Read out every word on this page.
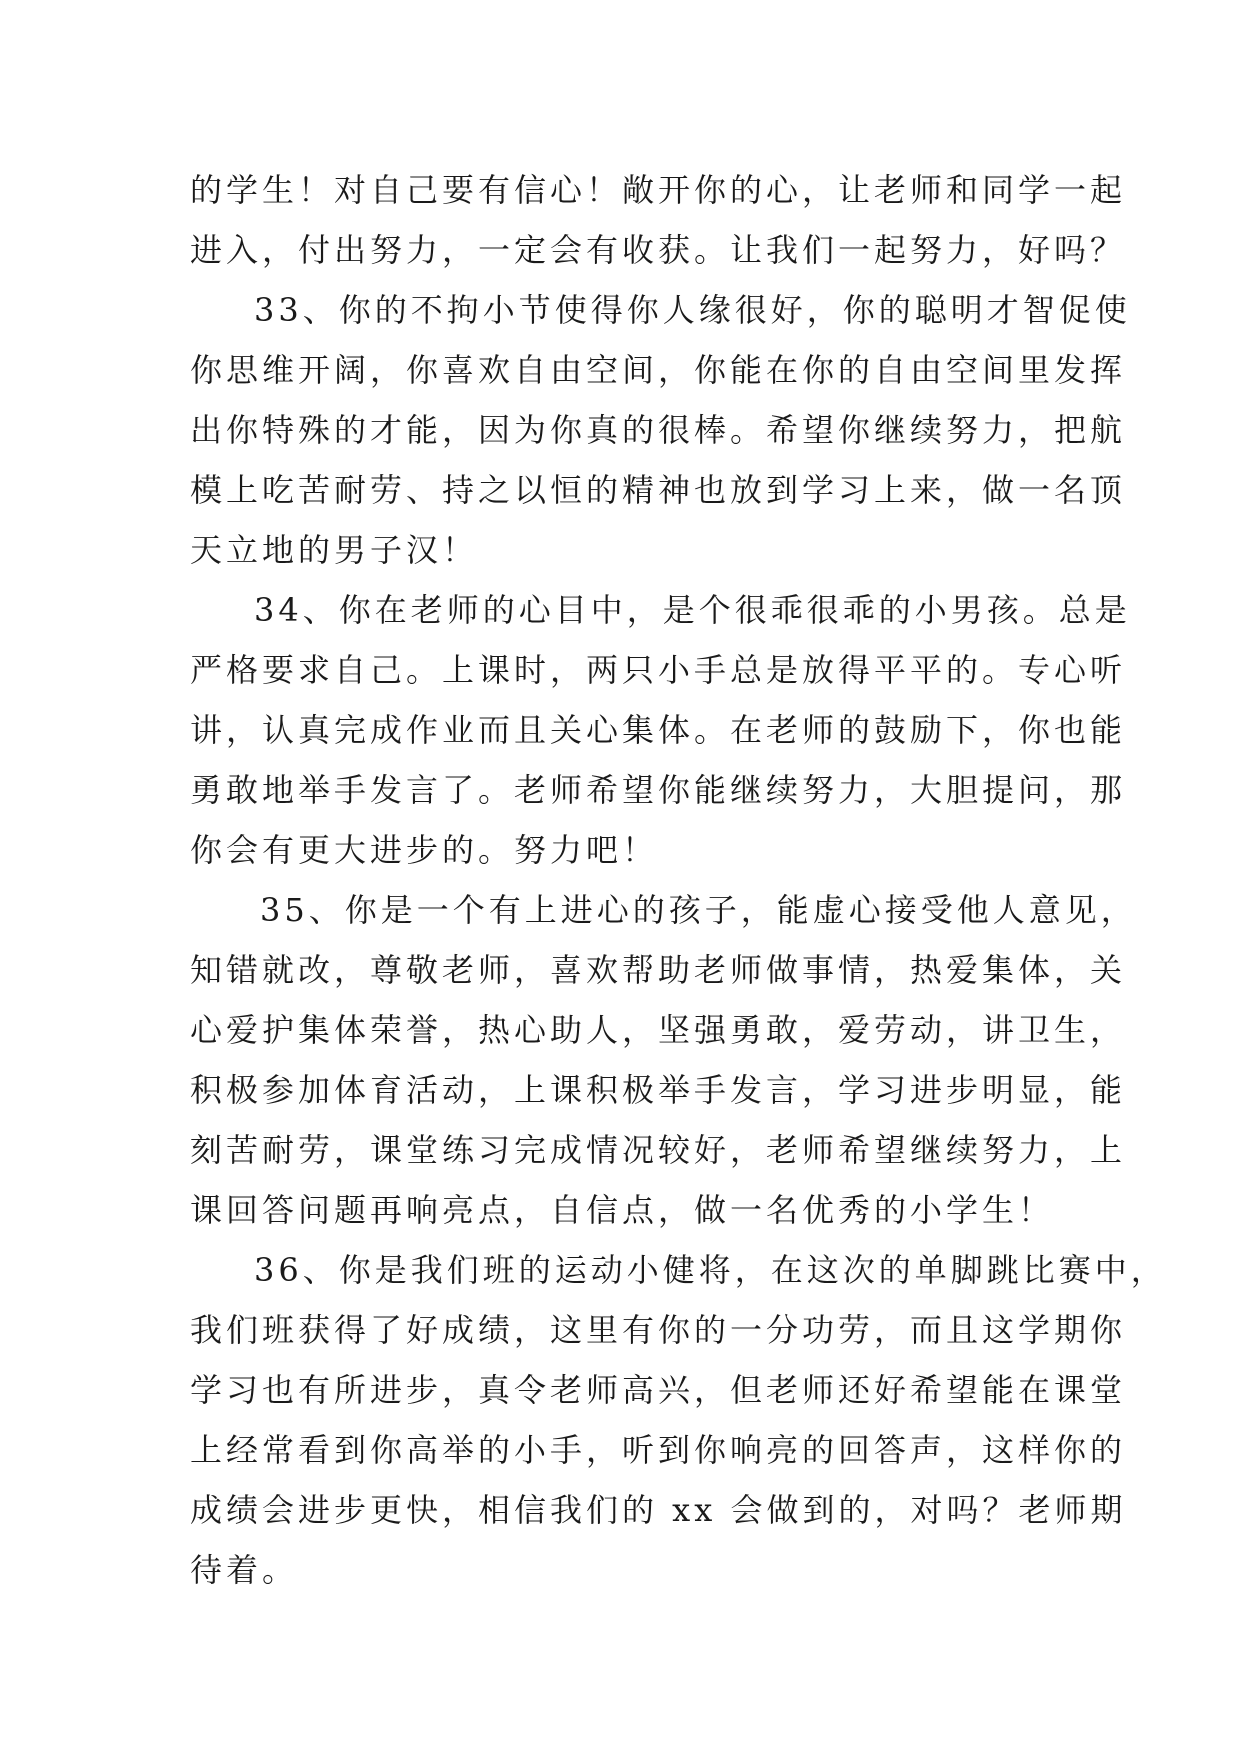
的学生！对自己要有信心！敞开你的心，让老师和同学一起
进入，付出努力，一定会有收获。让我们一起努力，好吗？
33、你的不拘小节使得你人缘很好，你的聪明才智促使
你思维开阔，你喜欢自由空间，你能在你的自由空间里发挥
出你特殊的才能，因为你真的很棒。希望你继续努力，把航
模上吃苦耐劳、持之以恒的精神也放到学习上来，做一名顶
天立地的男子汉！
34、你在老师的心目中，是个很乖很乖的小男孩。总是
严格要求自己。上课时，两只小手总是放得平平的。专心听
讲，认真完成作业而且关心集体。在老师的鼓励下，你也能
勇敢地举手发言了。老师希望你能继续努力，大胆提问，那
你会有更大进步的。努力吧！
35、你是一个有上进心的孩子，能虚心接受他人意见，
知错就改，尊敬老师，喜欢帮助老师做事情，热爱集体，关
心爱护集体荣誉，热心助人，坚强勇敢，爱劳动，讲卫生，
积极参加体育活动，上课积极举手发言，学习进步明显，能
刻苦耐劳，课堂练习完成情况较好，老师希望继续努力，上
课回答问题再响亮点，自信点，做一名优秀的小学生！
36、你是我们班的运动小健将，在这次的单脚跳比赛中，
我们班获得了好成绩，这里有你的一分功劳，而且这学期你
学习也有所进步，真令老师高兴，但老师还好希望能在课堂
上经常看到你高举的小手，听到你响亮的回答声，这样你的
成绩会进步更快，相信我们的 xx 会做到的，对吗？老师期
待着。
